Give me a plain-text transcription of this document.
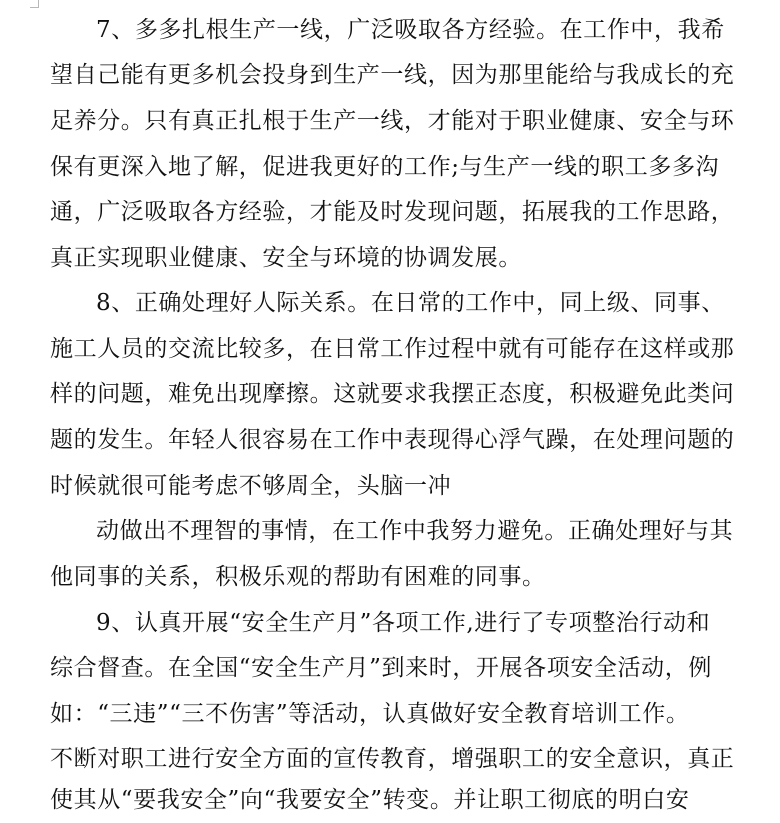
7、多多扎根生产一线，广泛吸取各方经验。在工作中，我希
望自己能有更多机会投身到生产一线，因为那里能给与我成长的充
足养分。只有真正扎根于生产一线，才能对于职业健康、安全与环
保有更深入地了解，促进我更好的工作;与生产一线的职工多多沟
通，广泛吸取各方经验，才能及时发现问题，拓展我的工作思路，
真正实现职业健康、安全与环境的协调发展。
8、正确处理好人际关系。在日常的工作中，同上级、同事、
施工人员的交流比较多，在日常工作过程中就有可能存在这样或那
样的问题，难免出现摩擦。这就要求我摆正态度，积极避免此类问
题的发生。年轻人很容易在工作中表现得心浮气躁，在处理问题的
时候就很可能考虑不够周全，头脑一冲
动做出不理智的事情，在工作中我努力避免。正确处理好与其
他同事的关系，积极乐观的帮助有困难的同事。
9、认真开展“安全生产月”各项工作,进行了专项整治行动和
综合督查。在全国“安全生产月”到来时，开展各项安全活动，例
如：“三违”“三不伤害”等活动，认真做好安全教育培训工作。
不断对职工进行安全方面的宣传教育，增强职工的安全意识，真正
使其从“要我安全”向“我要安全”转变。并让职工彻底的明白安
